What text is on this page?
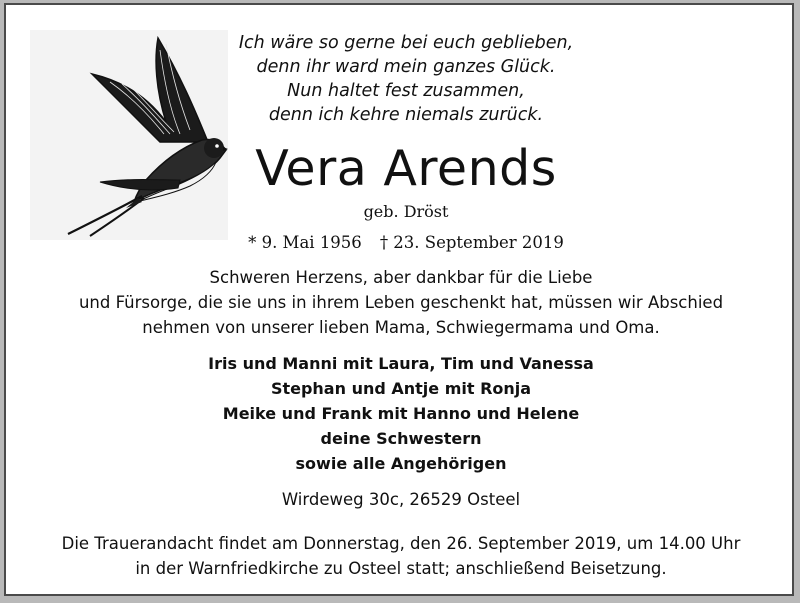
Ich wäre so gerne bei euch geblieben,
denn ihr ward mein ganzes Glück.
Nun haltet fest zusammen,
denn ich kehre niemals zurück.
Vera Arends
geb. Dröst
* 9. Mai 1956 † 23. September 2019
Schweren Herzens, aber dankbar für die Liebe
und Fürsorge, die sie uns in ihrem Leben geschenkt hat, müssen wir Abschied
nehmen von unserer lieben Mama, Schwiegermama und Oma.
Iris und Manni mit Laura, Tim und Vanessa
Stephan und Antje mit Ronja
Meike und Frank mit Hanno und Helene
deine Schwestern
sowie alle Angehörigen
Wirdeweg 30c, 26529 Osteel
Die Trauerandacht findet am Donnerstag, den 26. September 2019, um 14.00 Uhr
in der Warnfriedkirche zu Osteel statt; anschließend Beisetzung.
